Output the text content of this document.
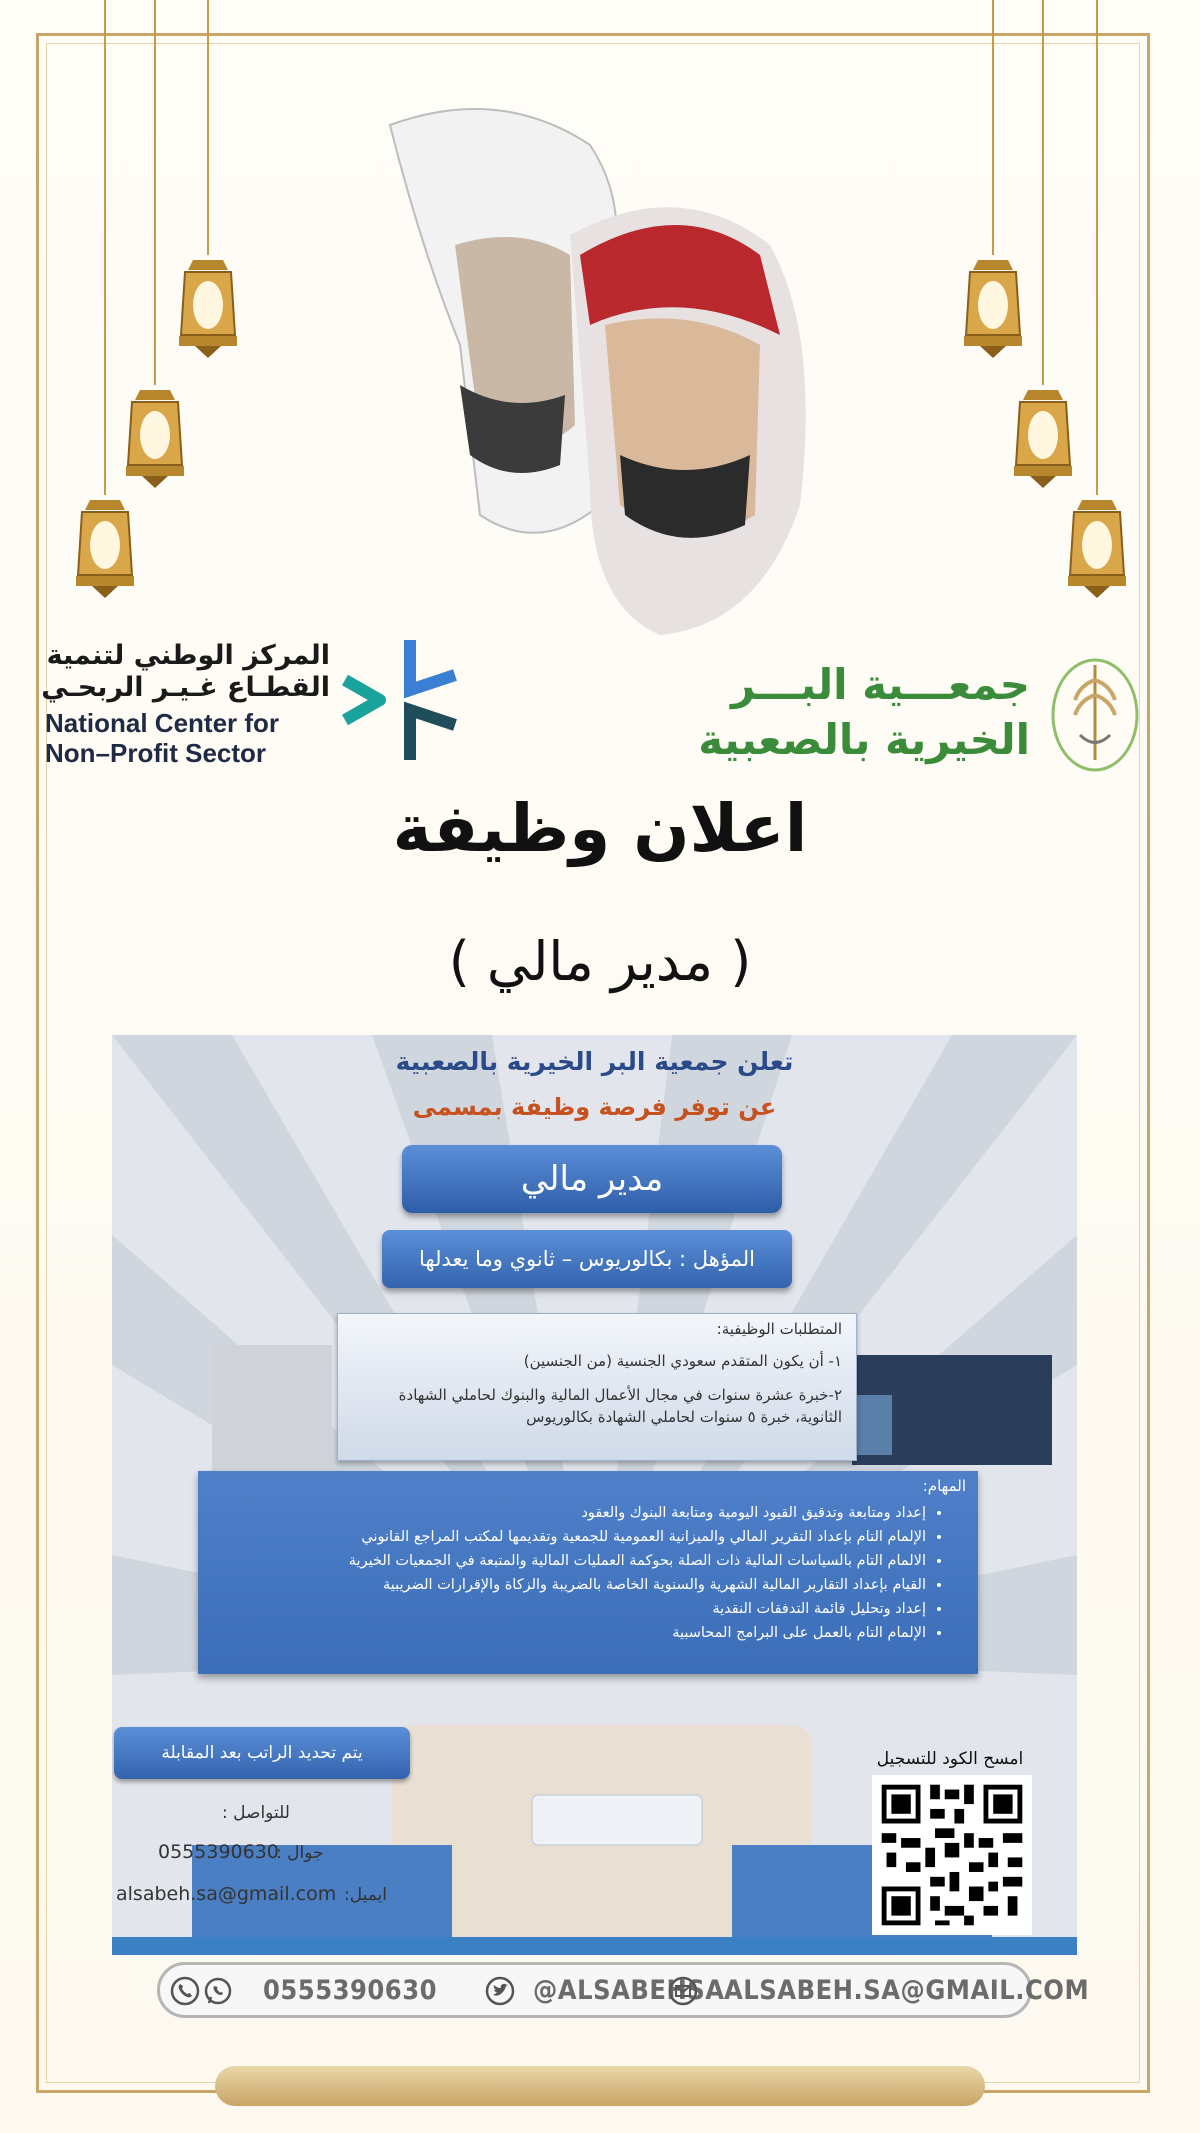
المركز الوطني لتنمية
القطـاع غـيـر الربحـي
National Center for
Non–Profit Sector
جمعـــية البـــر
الخيرية بالصعبية
اعلان وظيفة
( مدير مالي )
تعلن جمعية البر الخيرية بالصعبية
عن توفر فرصة وظيفة بمسمى
مدير مالي
المؤهل : بكالوريوس – ثانوي وما يعدلها
المتطلبات الوظيفية:
١- أن يكون المتقدم سعودي الجنسية (من الجنسين)
٢-خبرة عشرة سنوات في مجال الأعمال المالية والبنوك لحاملي الشهادة الثانوية، خبرة ٥ سنوات لحاملي الشهادة بكالوريوس
المهام:
• إعداد ومتابعة وتدقيق القيود اليومية ومتابعة البنوك والعقود
• الإلمام التام بإعداد التقرير المالي والميزانية العمومية للجمعية وتقديمها لمكتب المراجع القانوني
• الالمام التام بالسياسات المالية ذات الصلة بحوكمة العمليات المالية والمتبعة في الجمعيات الخيرية
• القيام بإعداد التقارير المالية الشهرية والسنوية الخاصة بالضريبة والزكاة والإقرارات الضريبية
• إعداد وتحليل قائمة التدفقات النقدية
• الإلمام التام بالعمل على البرامج المحاسبية
يتم تحديد الراتب بعد المقابلة
للتواصل :
جوال :
0555390630
ايميل:
alsabeh.sa@gmail.com
امسح الكود للتسجيل
0555390630	@ALSABEHSA ALSABEH.SA@GMAIL.COM
